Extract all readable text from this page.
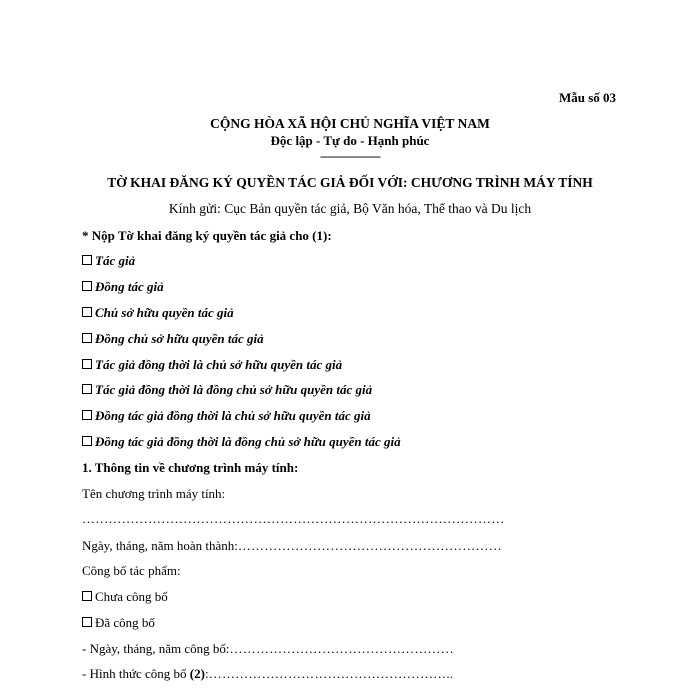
Mẫu số 03
CỘNG HÒA XÃ HỘI CHỦ NGHĨA VIỆT NAM
Độc lập - Tự do - Hạnh phúc
------------------
TỜ KHAI ĐĂNG KÝ QUYỀN TÁC GIẢ ĐỐI VỚI: CHƯƠNG TRÌNH MÁY TÍNH
Kính gửi: Cục Bản quyền tác giả, Bộ Văn hóa, Thể thao và Du lịch
* Nộp Tờ khai đăng ký quyền tác giả cho (1):
Tác giả
Đồng tác giả
Chủ sở hữu quyền tác giả
Đồng chủ sở hữu quyền tác giả
Tác giả đồng thời là chủ sở hữu quyền tác giả
Tác giả đồng thời là đồng chủ sở hữu quyền tác giả
Đồng tác giả đồng thời là chủ sở hữu quyền tác giả
Đồng tác giả đồng thời là đồng chủ sở hữu quyền tác giả
1. Thông tin về chương trình máy tính:
Tên chương trình máy tính:
……………………………………………………………………………………
Ngày, tháng, năm hoàn thành:……………………………………………………
Công bố tác phẩm:
Chưa công bố
Đã công bố
- Ngày, tháng, năm công bố:……………………………………………
- Hình thức công bố (2):………………………………………………..
